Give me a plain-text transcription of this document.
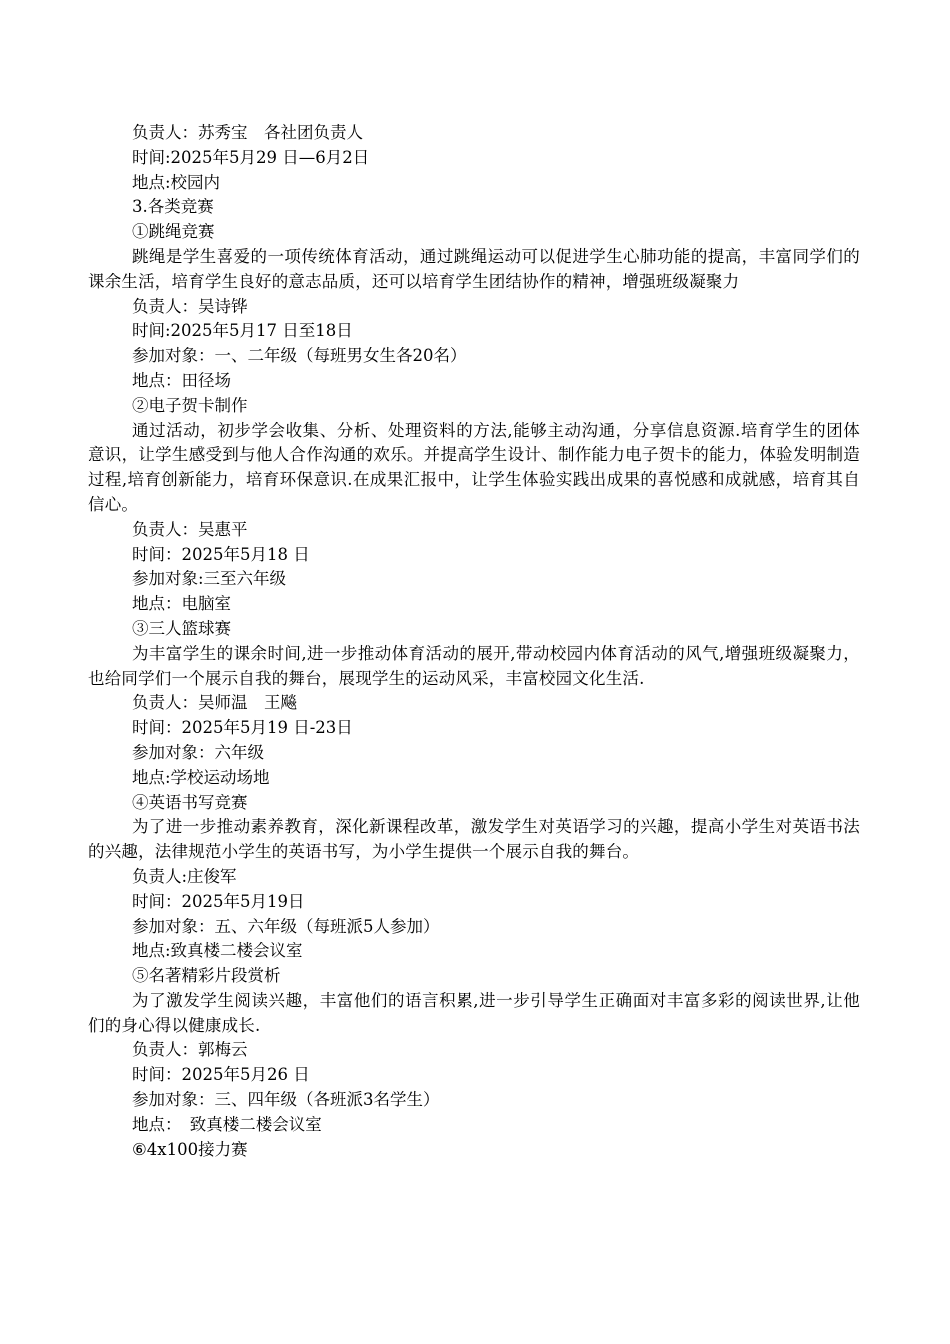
负责人：苏秀宝　各社团负责人
时间:2025年5月29 日—6月2日
地点:校园内
3.各类竞赛
①跳绳竞赛
跳绳是学生喜爱的一项传统体育活动，通过跳绳运动可以促进学生心肺功能的提高，丰富同学们的课余生活，培育学生良好的意志品质，还可以培育学生团结协作的精神，增强班级凝聚力
负责人：吴诗铧
时间:2025年5月17 日至18日
参加对象：一、二年级（每班男女生各20名）
地点：田径场
②电子贺卡制作
通过活动，初步学会收集、分析、处理资料的方法,能够主动沟通，分享信息资源.培育学生的团体意识，让学生感受到与他人合作沟通的欢乐。并提高学生设计、制作能力电子贺卡的能力，体验发明制造过程,培育创新能力，培育环保意识.在成果汇报中，让学生体验实践出成果的喜悦感和成就感，培育其自信心。
负责人：吴惠平
时间：2025年5月18 日
参加对象:三至六年级
地点：电脑室
③三人篮球赛
为丰富学生的课余时间,进一步推动体育活动的展开,带动校园内体育活动的风气,增强班级凝聚力，也给同学们一个展示自我的舞台，展现学生的运动风采，丰富校园文化生活.
负责人：吴师温　王飚
时间：2025年5月19 日-23日
参加对象：六年级
地点:学校运动场地
④英语书写竞赛
为了进一步推动素养教育，深化新课程改革，激发学生对英语学习的兴趣，提高小学生对英语书法的兴趣，法律规范小学生的英语书写，为小学生提供一个展示自我的舞台。
负责人:庄俊军
时间：2025年5月19日
参加对象：五、六年级（每班派5人参加）
地点:致真楼二楼会议室
⑤名著精彩片段赏析
为了激发学生阅读兴趣，丰富他们的语言积累,进一步引导学生正确面对丰富多彩的阅读世界,让他们的身心得以健康成长.
负责人：郭梅云
时间：2025年5月26 日
参加对象：三、四年级（各班派3名学生）
地点：　致真楼二楼会议室
⑥4x100接力赛
